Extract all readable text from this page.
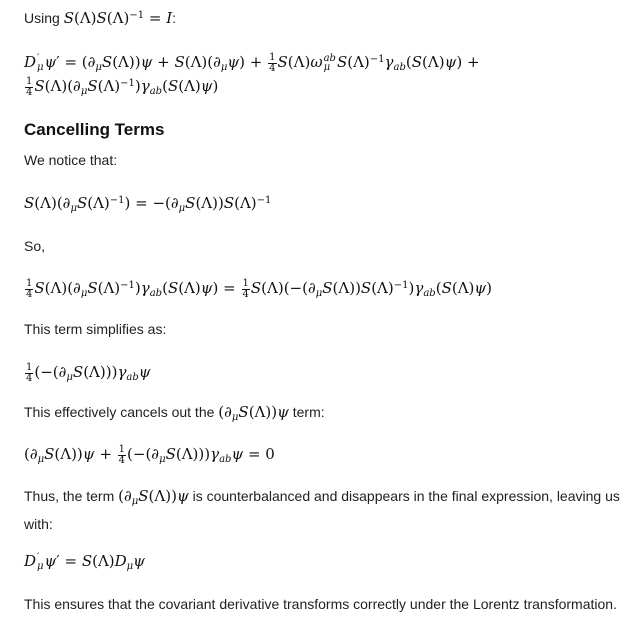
Using $S(\Lambda)S(\Lambda)^{-1} = I$:
D ′
μ $\psi' = (\partial_\mu S(\Lambda))\psi + S(\Lambda)(\partial_\mu\psi) + \frac{1}{4} S(\Lambda)\omega$ ab
μ $S(\Lambda)^{-1}\gamma_{ab}(S(\Lambda)\psi)$ +
$\frac{1}{4} S(\Lambda)(\partial_\mu S(\Lambda)^{-1})\gamma_{ab}(S(\Lambda)\psi)$
Cancelling Terms
We notice that:
$S(\Lambda)(\partial_\mu S(\Lambda)^{-1}) = -(\partial_\mu S(\Lambda))S(\Lambda)^{-1}$
So,
$\frac{1}{4} S(\Lambda)(\partial_\mu S(\Lambda)^{-1})\gamma_{ab}(S(\Lambda)\psi) = \frac{1}{4} S(\Lambda)(-(\partial_\mu S(\Lambda))S(\Lambda)^{-1})\gamma_{ab}(S(\Lambda)\psi)$
This term simplifies as:
$\frac{1}{4} (-(\partial_\mu S(\Lambda)))\gamma_{ab}\psi$
This effectively cancels out the $(\partial_\mu S(\Lambda))\psi$ term:
$(\partial_\mu S(\Lambda))\psi + \frac{1}{4} (-(\partial_\mu S(\Lambda)))\gamma_{ab}\psi = 0$
Thus, the term $(\partial_\mu S(\Lambda))\psi$ is counterbalanced and disappears in the final expression, leaving us with:
D ′
μ $\psi' = S(\Lambda)D_\mu\psi$
This ensures that the covariant derivative transforms correctly under the Lorentz transformation.
